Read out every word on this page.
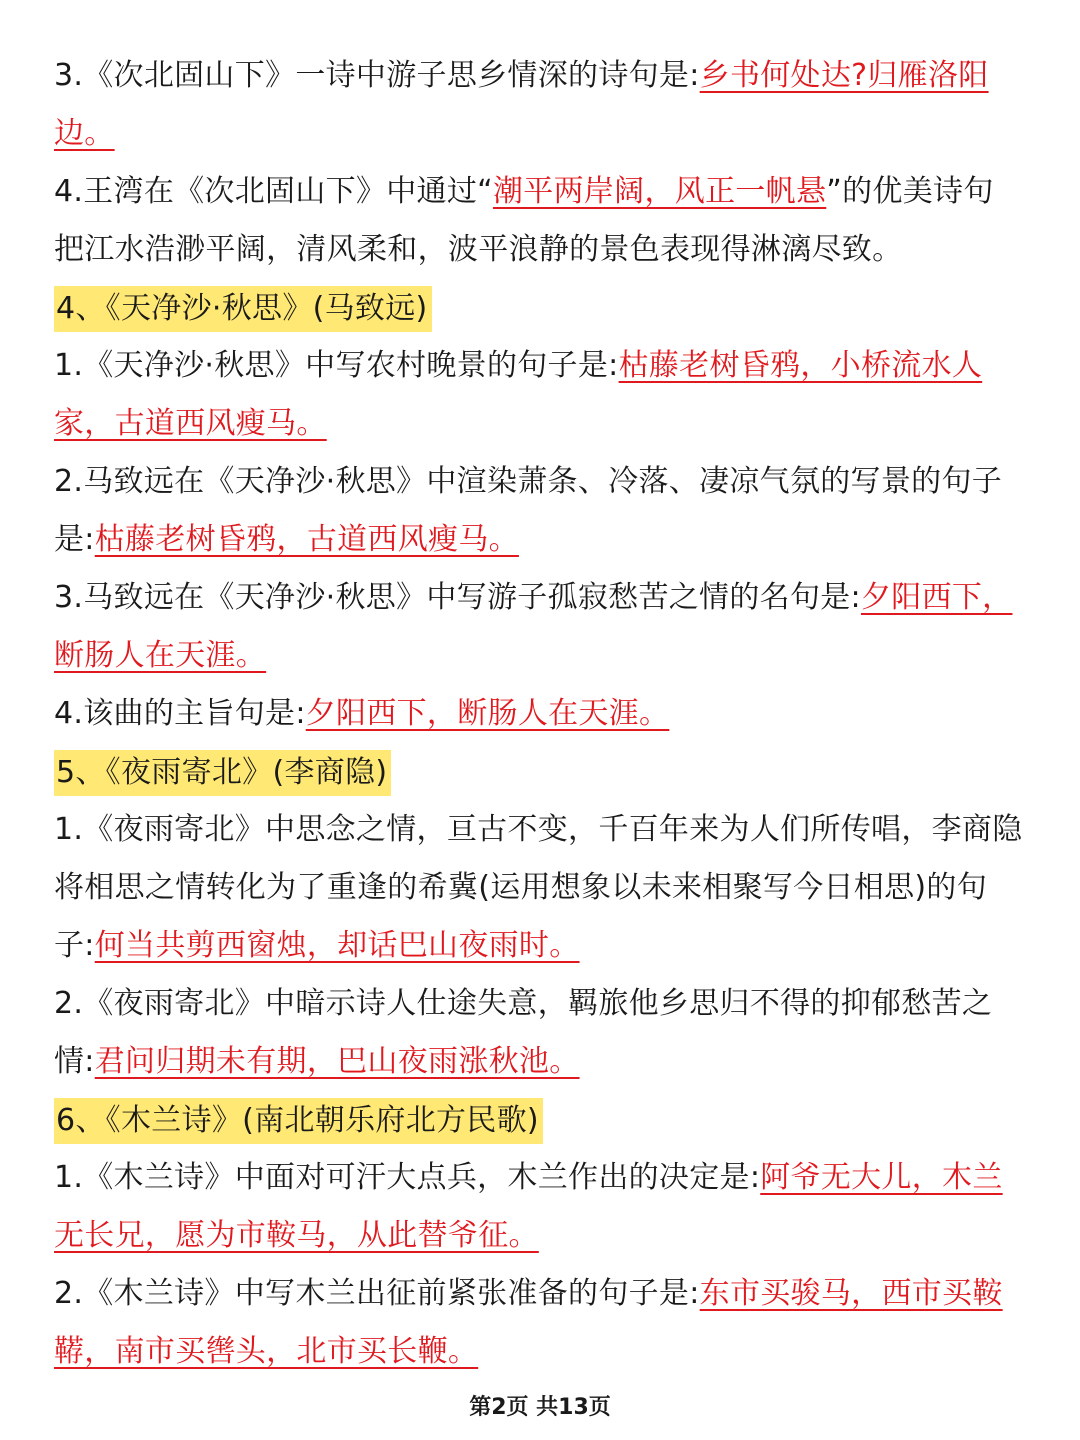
3.《次北固山下》一诗中游子思乡情深的诗句是:乡书何处达?归雁洛阳
边。
4.王湾在《次北固山下》中通过“潮平两岸阔，风正一帆悬”的优美诗句
把江水浩渺平阔，清风柔和，波平浪静的景色表现得淋漓尽致。
4、《天净沙·秋思》(马致远)
1.《天净沙·秋思》中写农村晚景的句子是:枯藤老树昏鸦，小桥流水人
家，古道西风瘦马。
2.马致远在《天净沙·秋思》中渲染萧条、冷落、凄凉气氛的写景的句子
是:枯藤老树昏鸦，古道西风瘦马。
3.马致远在《天净沙·秋思》中写游子孤寂愁苦之情的名句是:夕阳西下，
断肠人在天涯。
4.该曲的主旨句是:夕阳西下，断肠人在天涯。
5、《夜雨寄北》(李商隐)
1.《夜雨寄北》中思念之情，亘古不变，千百年来为人们所传唱，李商隐
将相思之情转化为了重逢的希冀(运用想象以未来相聚写今日相思)的句
子:何当共剪西窗烛，却话巴山夜雨时。
2.《夜雨寄北》中暗示诗人仕途失意，羁旅他乡思归不得的抑郁愁苦之
情:君问归期未有期，巴山夜雨涨秋池。
6、《木兰诗》(南北朝乐府北方民歌)
1.《木兰诗》中面对可汗大点兵，木兰作出的决定是:阿爷无大儿，木兰
无长兄，愿为市鞍马，从此替爷征。
2.《木兰诗》中写木兰出征前紧张准备的句子是:东市买骏马，西市买鞍
鞯，南市买辔头，北市买长鞭。
第2页 共13页
